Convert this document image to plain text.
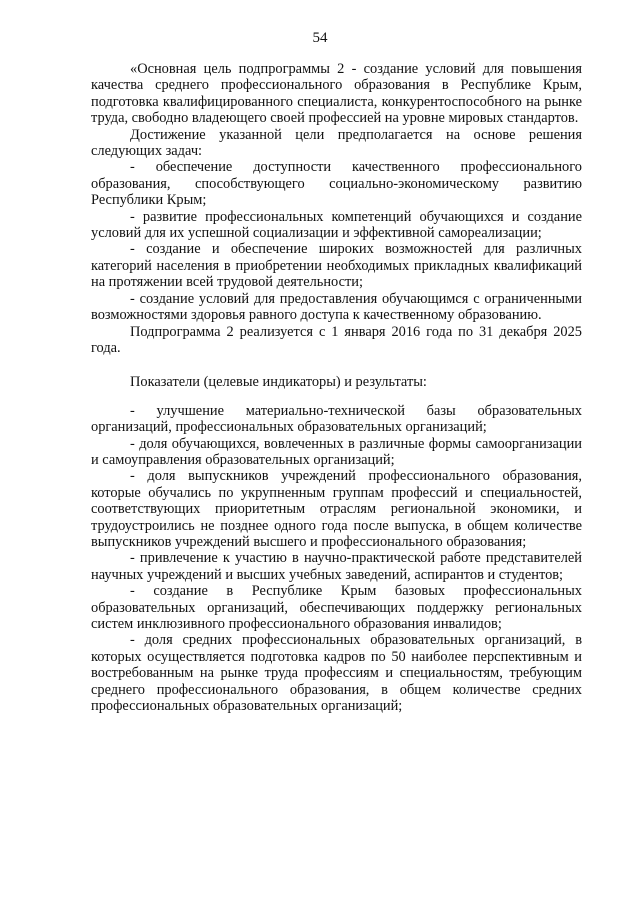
54

«Основная цель подпрограммы 2 - создание условий для повышения качества среднего профессионального образования в Республике Крым, подготовка квалифицированного специалиста, конкурентоспособного на рынке труда, свободно владеющего своей профессией на уровне мировых стандартов.

Достижение указанной цели предполагается на основе решения следующих задач:

- обеспечение доступности качественного профессионального образования, способствующего социально-экономическому развитию Республики Крым;

- развитие профессиональных компетенций обучающихся и создание условий для их успешной социализации и эффективной самореализации;

- создание и обеспечение широких возможностей для различных категорий населения в приобретении необходимых прикладных квалификаций на протяжении всей трудовой деятельности;

- создание условий для предоставления обучающимся с ограниченными возможностями здоровья равного доступа к качественному образованию.

Подпрограмма 2 реализуется с 1 января 2016 года по 31 декабря 2025 года.

Показатели (целевые индикаторы) и результаты:

- улучшение материально-технической базы образовательных организаций, профессиональных образовательных организаций;

- доля обучающихся, вовлеченных в различные формы самоорганизации и самоуправления образовательных организаций;

- доля выпускников учреждений профессионального образования, которые обучались по укрупненным группам профессий и специальностей, соответствующих приоритетным отраслям региональной экономики, и трудоустроились не позднее одного года после выпуска, в общем количестве выпускников учреждений высшего и профессионального образования;

- привлечение к участию в научно-практической работе представителей научных учреждений и высших учебных заведений, аспирантов и студентов;

- создание в Республике Крым базовых профессиональных образовательных организаций, обеспечивающих поддержку региональных систем инклюзивного профессионального образования инвалидов;

- доля средних профессиональных образовательных организаций, в которых осуществляется подготовка кадров по 50 наиболее перспективным и востребованным на рынке труда профессиям и специальностям, требующим среднего профессионального образования, в общем количестве средних профессиональных образовательных организаций;
